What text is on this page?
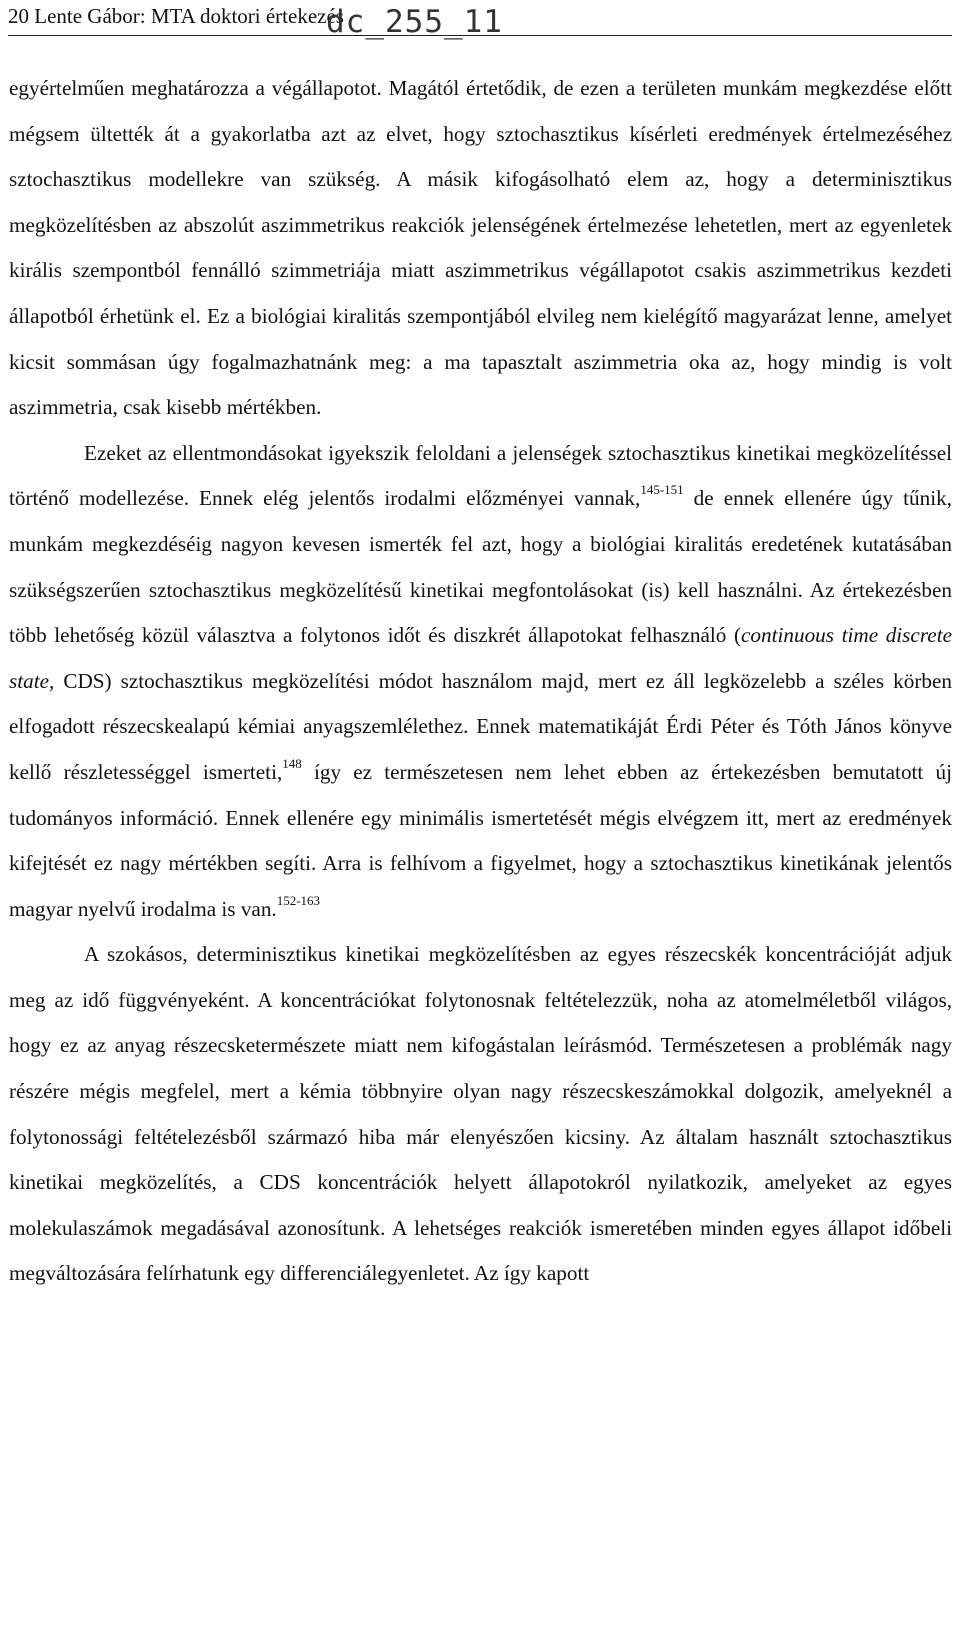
20 Lente Gábor: MTA doktori értekezés
dc_255_11

egyértelműen meghatározza a végállapotot. Magától értetődik, de ezen a területen munkám megkezdése előtt mégsem ültették át a gyakorlatba azt az elvet, hogy sztochasztikus kísérleti eredmények értelmezéséhez sztochasztikus modellekre van szükség. A másik kifogásolható elem az, hogy a determinisztikus megközelítésben az abszolút aszimmetrikus reakciók jelenségének értelmezése lehetetlen, mert az egyenletek királis szempontból fennálló szimmetriája miatt aszimmetrikus végállapotot csakis aszimmetrikus kezdeti állapotból érhetünk el. Ez a biológiai kiralitás szempontjából elvileg nem kielégítő magyarázat lenne, amelyet kicsit sommásan úgy fogalmazhatnánk meg: a ma tapasztalt aszimmetria oka az, hogy mindig is volt aszimmetria, csak kisebb mértékben.

Ezeket az ellentmondásokat igyekszik feloldani a jelenségek sztochasztikus kinetikai megközelítéssel történő modellezése. Ennek elég jelentős irodalmi előzményei vannak,$^{145-151}$ de ennek ellenére úgy tűnik, munkám megkezdéséig nagyon kevesen ismerték fel azt, hogy a biológiai kiralitás eredetének kutatásában szükségszerűen sztochasztikus megközelítésű kinetikai megfontolásokat (is) kell használni. Az értekezésben több lehetőség közül választva a folytonos időt és diszkrét állapotokat felhasználó (continuous time discrete state, CDS) sztochasztikus megközelítési módot használom majd, mert ez áll legközelebb a széles körben elfogadott részecskealapú kémiai anyagszemlélethez. Ennek matematikáját Érdi Péter és Tóth János könyve kellő részletességgel ismerteti,$^{148}$ így ez természetesen nem lehet ebben az értekezésben bemutatott új tudományos információ. Ennek ellenére egy minimális ismertetését mégis elvégzem itt, mert az eredmények kifejtését ez nagy mértékben segíti. Arra is felhívom a figyelmet, hogy a sztochasztikus kinetikának jelentős magyar nyelvű irodalma is van.$^{152-163}$

A szokásos, determinisztikus kinetikai megközelítésben az egyes részecskék koncentrációját adjuk meg az idő függvényeként. A koncentrációkat folytonosnak feltételezzük, noha az atomelméletből világos, hogy ez az anyag részecsketermészete miatt nem kifogástalan leírásmód. Természetesen a problémák nagy részére mégis megfelel, mert a kémia többnyire olyan nagy részecskeszámokkal dolgozik, amelyeknél a folytonossági feltételezésből származó hiba már elenyészően kicsiny. Az általam használt sztochasztikus kinetikai megközelítés, a CDS koncentrációk helyett állapotokról nyilatkozik, amelyeket az egyes molekulaszámok megadásával azonosítunk. A lehetséges reakciók ismeretében minden egyes állapot időbeli megváltozására felírhatunk egy differenciálegyenletet. Az így kapott
